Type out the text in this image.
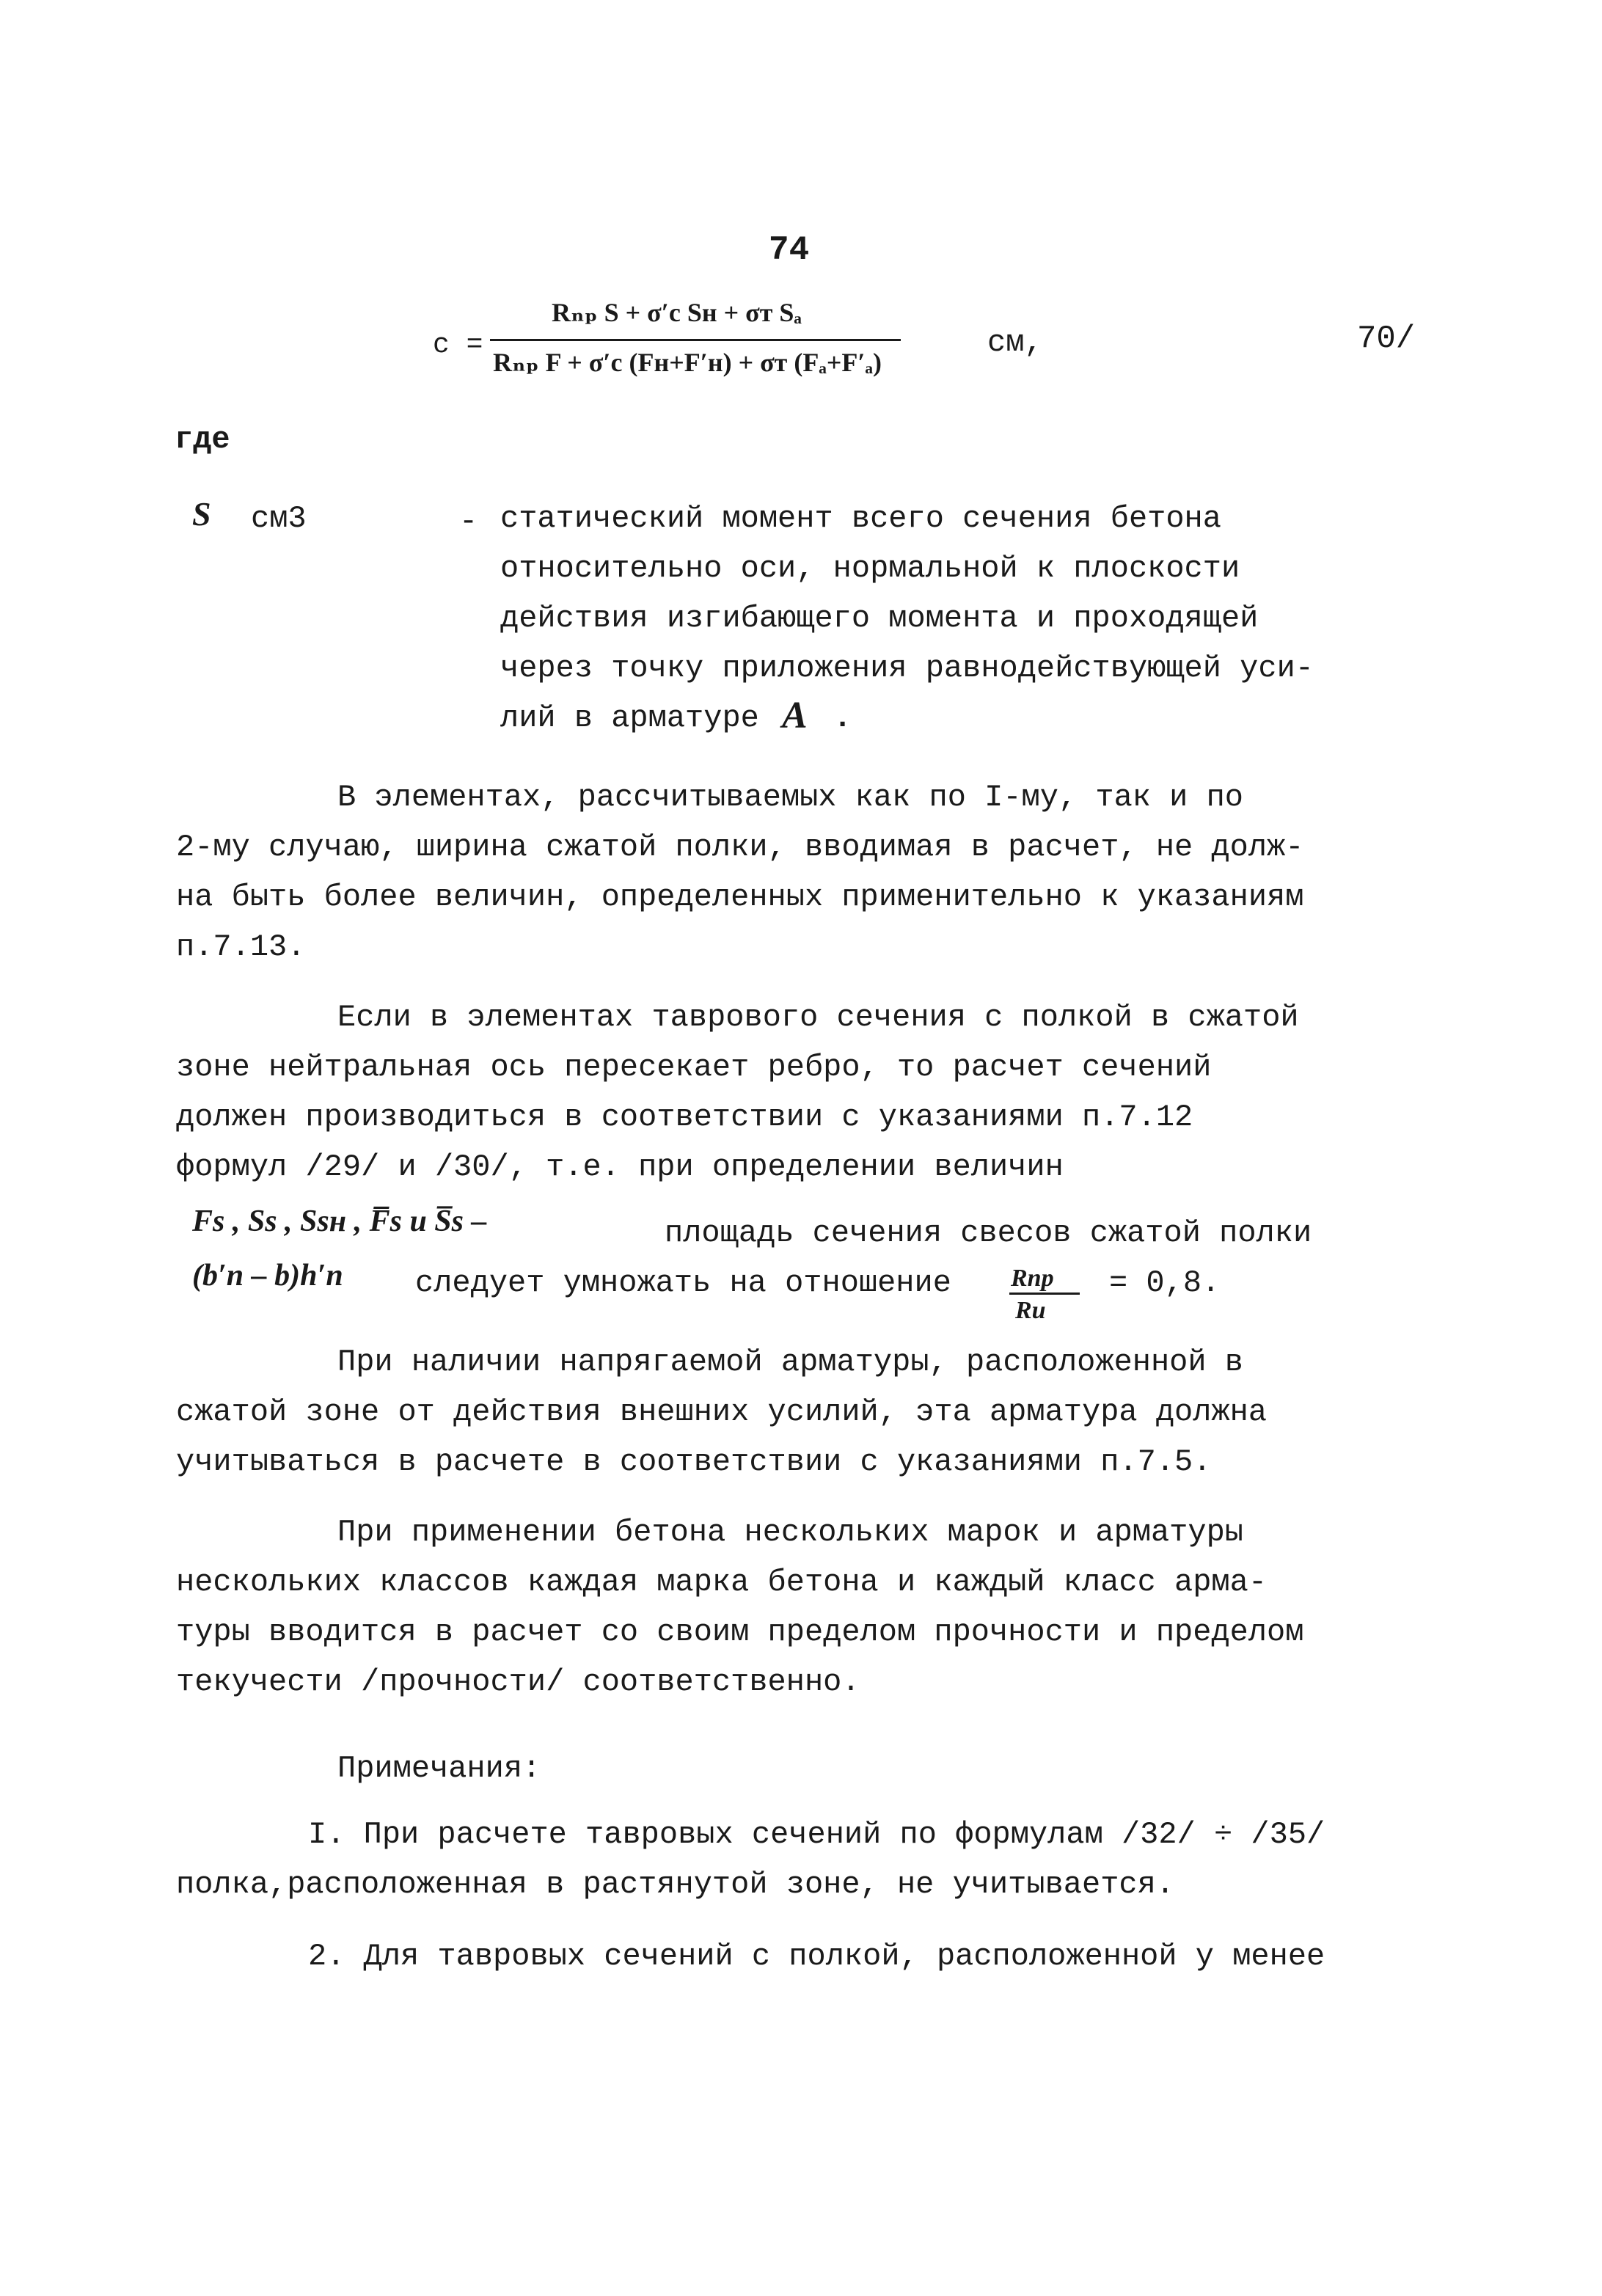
74
c =
Rₙₚ S + σ′c Sн + σᴛ Sₐ
Rₙₚ F + σ′c (Fн+F′н) + σᴛ (Fₐ+F′ₐ)
см,	70/
где
S см3	- статический момент всего сечения бетона
относительно оси, нормальной к плоскости
действия изгибающего момента и проходящей
через точку приложения равнодействующей уси-
лий в арматуре A .
В элементах, рассчитываемых как по I-му, так и по
2-му случаю, ширина сжатой полки, вводимая в расчет, не долж-
на быть более величин, определенных применительно к указаниям
п.7.13.
Если в элементах таврового сечения с полкой в сжатой
зоне нейтральная ось пересекает ребро, то расчет сечений
должен производиться в соответствии с указаниями п.7.12
формул /29/ и /30/, т.е. при определении величин
Fs , Ss , Ssн , F̅s и S̅s –	площадь сечения свесов сжатой полки
(b′n – b)h′n следует умножать на отношение Rnp
Ru
= 0,8.
При наличии напрягаемой арматуры, расположенной в
сжатой зоне от действия внешних усилий, эта арматура должна
учитываться в расчете в соответствии с указаниями п.7.5.
При применении бетона нескольких марок и арматуры
нескольких классов каждая марка бетона и каждый класс арма-
туры вводится в расчет со своим пределом прочности и пределом
текучести /прочности/ соответственно.
Примечания:
I. При расчете тавровых сечений по формулам /32/ ÷ /35/
полка,расположенная в растянутой зоне, не учитывается.
2. Для тавровых сечений с полкой, расположенной у менее
